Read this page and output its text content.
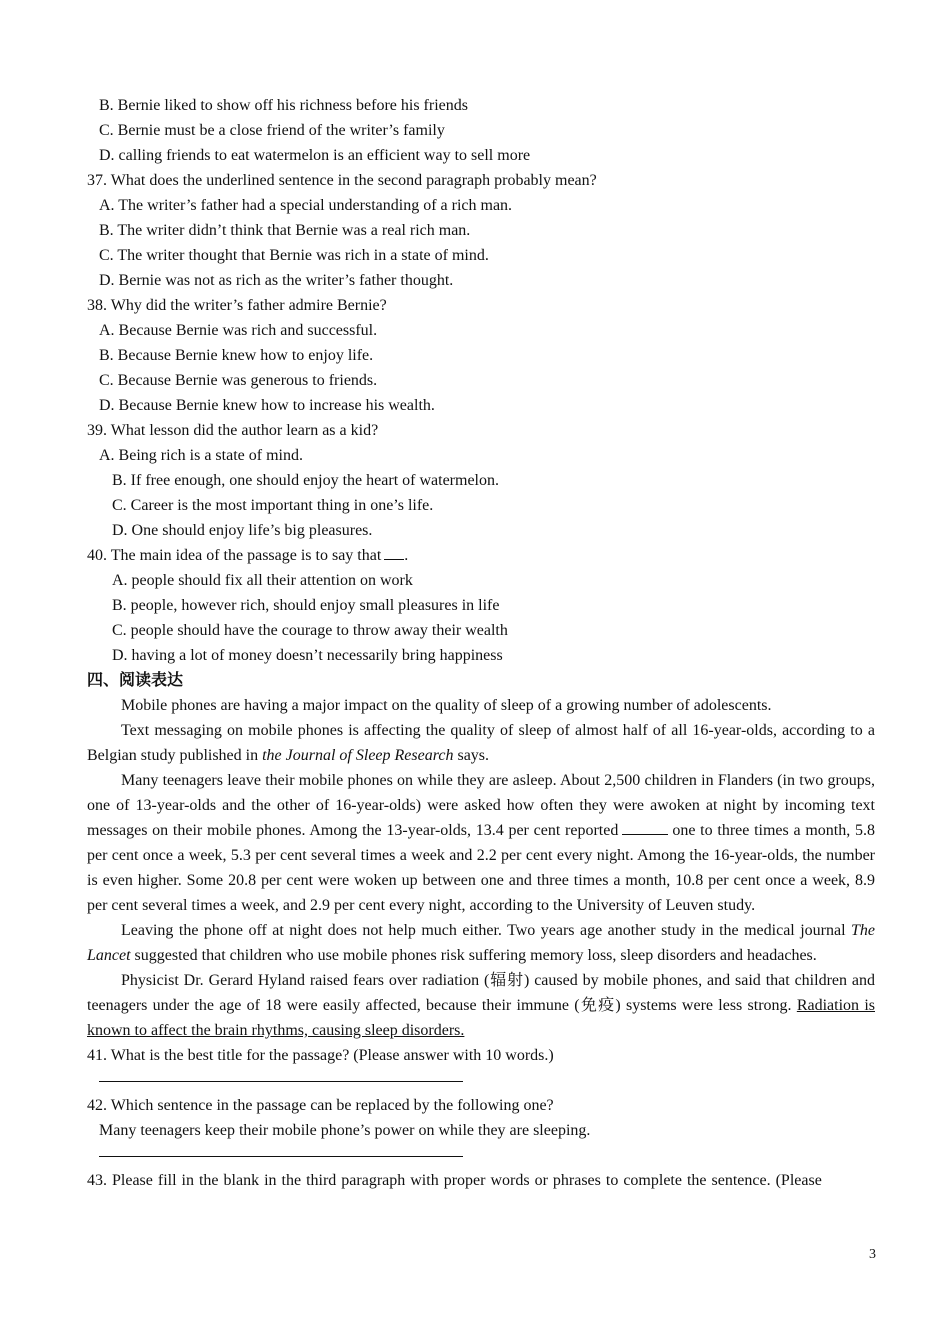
B. Bernie liked to show off his richness before his friends
C. Bernie must be a close friend of the writer’s family
D. calling friends to eat watermelon is an efficient way to sell more
37. What does the underlined sentence in the second paragraph probably mean?
A. The writer’s father had a special understanding of a rich man.
B. The writer didn’t think that Bernie was a real rich man.
C. The writer thought that Bernie was rich in a state of mind.
D. Bernie was not as rich as the writer’s father thought.
38. Why did the writer’s father admire Bernie?
A. Because Bernie was rich and successful.
B. Because Bernie knew how to enjoy life.
C. Because Bernie was generous to friends.
D. Because Bernie knew how to increase his wealth.
39. What lesson did the author learn as a kid?
A. Being rich is a state of mind.
B. If free enough, one should enjoy the heart of watermelon.
C. Career is the most important thing in one’s life.
D. One should enjoy life’s big pleasures.
40. The main idea of the passage is to say that .
A. people should fix all their attention on work
B. people, however rich, should enjoy small pleasures in life
C. people should have the courage to throw away their wealth
D. having a lot of money doesn’t necessarily bring happiness
四、阅读表达
Mobile phones are having a major impact on the quality of sleep of a growing number of adolescents.
Text messaging on mobile phones is affecting the quality of sleep of almost half of all 16-year-olds, according to a Belgian study published in the Journal of Sleep Research says.
Many teenagers leave their mobile phones on while they are asleep. About 2,500 children in Flanders (in two groups, one of 13-year-olds and the other of 16-year-olds) were asked how often they were awoken at night by incoming text messages on their mobile phones. Among the 13-year-olds, 13.4 per cent reported	one to three times a month, 5.8 per cent once a week, 5.3 per cent several times a week and 2.2 per cent every night. Among the 16-year-olds, the number is even higher. Some 20.8 per cent were woken up between one and three times a month, 10.8 per cent once a week, 8.9 per cent several times a week, and 2.9 per cent every night, according to the University of Leuven study.
Leaving the phone off at night does not help much either. Two years age another study in the medical journal The Lancet suggested that children who use mobile phones risk suffering memory loss, sleep disorders and headaches.
Physicist Dr. Gerard Hyland raised fears over radiation (辐射) caused by mobile phones, and said that children and teenagers under the age of 18 were easily affected, because their immune (免疫) systems were less strong. Radiation is known to affect the brain rhythms, causing sleep disorders.
41. What is the best title for the passage? (Please answer with 10 words.)
42. Which sentence in the passage can be replaced by the following one?
Many teenagers keep their mobile phone’s power on while they are sleeping.
43. Please fill in the blank in the third paragraph with proper words or phrases to complete the sentence. (Please
3
